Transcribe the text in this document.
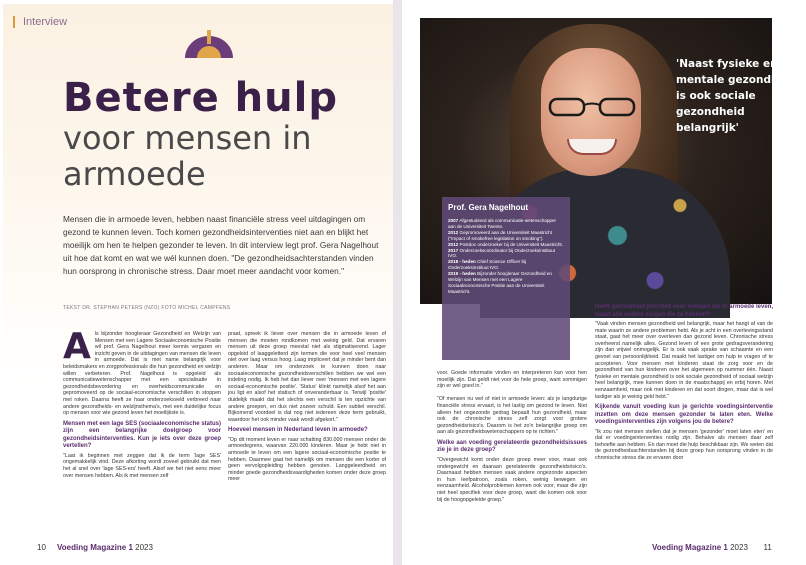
Interview
Betere hulp
voor mensen in armoede
Mensen die in armoede leven, hebben naast financiële stress veel uitdagingen om gezond te kunnen leven. Toch komen gezondheidsinterventies niet aan en blijkt het moeilijk om hen te helpen gezonder te leven. In dit interview legt prof. Gera Nagelhout uit hoe dat komt en wat we wél kunnen doen. "De gezondheidsachterstanden vinden hun oorsprong in chronische stress. Daar moet meer aandacht voor komen."
TEKST DR. STEPHAN PETERS (NZO) FOTO MICHEL CAMPFENS
A ls bijzonder hoogleraar Gezondheid en Welzijn van Mensen met een Lagere Sociaaleconomische Positie wil prof. Gera Nagelhout meer kennis vergaren en inzicht geven in de uitdagingen van mensen die leven in armoede. Dat is met name belangrijk voor beleidsmakers en zorgprofessionals die hun gezondheid en welzijn willen verbeteren. Prof. Nagelhout is opgeleid als communicatiewetenschapper met een specialisatie in gezondheidsbevordering en overheidscommunicatie en gepromoveerd op de sociaal-economische verschillen in stoppen met roken. Daarna heeft ze haar onderzoeksveld verbreed naar andere gezondheids- en welzijnsthema's, met een duidelijke focus op mensen voor wie gezond leven het moeilijkste is.
Mensen met een lage SES (sociaaleconomische status) zijn een belangrijke doelgroep voor gezondheidsinterventies. Kun je iets over deze groep vertellen?
"Laat ik beginnen met zeggen dat ik de term 'lage SES' ongemakkelijk vind. Deze afkorting wordt zoveel gebruikt dat men het al snel over 'lage SES-ers' heeft. Alsof we het niet eens meer over mensen hebben. Als ik met mensen zelf
praat, spreek ik liever over mensen die in armoede leven of mensen die moeten rondkomen met weinig geld. Dat ervaren mensen uit deze groep meestal niet als stigmatiserend. Lager opgeleid of laaggeletterd zijn termen die voor heel veel mensen niet over laag versus hoog. Laag impliceert dat je minder bent dan anderen. Maar om onderzoek te kunnen doen naar sociaaleconomische gezondheidsverschillen hebben we wel een indeling nodig. Ik heb het dan liever over 'mensen met een lagere sociaal-economische positie'. 'Status' klinkt namelijk alsof het aan jou ligt en alsof het statisch of onveranderbaar is. Terwijl 'positie' duidelijk maakt dat het slechts een verschil is ten opzichte van andere groepen, en dus niet zozeer schuld. Een subtiel verschil. Bijkomend voordeel is dat nog niet iedereen deze term gebruikt, waardoor het ook minder vaak wordt afgekort."
Hoeveel mensen in Nederland leven in armoede?
"Op dit moment leven er naar schatting 830.000 mensen onder de armoedegrens, waarvan 220.000 kinderen. Maar je hebt niet in armoede te leven om een lagere sociaal-economische positie te hebben. Daarmee gaat het namelijk om mensen die een korter of geen vervolgopleiding hebben genoten. Langgeleerdheid en minder goede gezondheidsvaardigheden komen onder deze groep meer
10 Voeding Magazine 1 2023
'Naast fysieke en mentale gezondheid is ook sociale gezondheid belangrijk'
Prof. Gera Nagelhout
2007 Afgestudeerd als communicatie-wetenschapper aan de Universiteit Twente.
2012 Gepromoveerd aan de Universiteit Maastricht ("Impact of smokefree legislation on smoking").
2012 Postdoc onderzoeker bij de Universiteit Maastricht.
2017 Onderzoekscoördinator bij Onderzoeksinstituut IVO.
2018 - heden Chief Science Officer bij Onderzoeksinstituut IVO.
2019 - heden Bijzonder hoogleraar Gezondheid en Welzijn van Mensen met een Lagere Sociaaleconomische Positie aan de Universiteit Maastricht.
voor. Goede informatie vinden en interpreteren kan voor hen moeilijk zijn. Dat geldt niet voor de hele groep, want sommigen zijn er wel goed in."

"Of mensen nu wel of niet in armoede leven: als je langdurige financiële stress ervaart, is het lastig om gezond te leven. Niet alleen het ongezonde gedrag bepaalt hun gezondheid, maar ook de chronische stress zelf zorgt voor grotere gezondheidsrisico's. Daarom is het zo'n belangrijke groep om aan als gezondheidswetenschappers op te richten."
Welke aan voeding gerelateerde gezondheidsissues zie je in deze groep?
"Overgewicht komt onder deze groep meer voor, maar ook ondergewicht en daaraan gerelateerde gezondheidsrisico's. Daarnaast hebben mensen vaak andere ongezonde aspecten in hun leefpatroon, zoals roken, weinig bewegen en eenzaamheid. Alcoholproblemen komen ook voor, maar die zijn niet heel specifiek voor deze groep, want die komen ook voor bij de hoogopgeleide groep."
Heeft gezondheid prioriteit voor mensen die in armoede leven, naast alle andere zorgen die ze hebben?
"Vaak vinden mensen gezondheid wel belangrijk, maar het hangt af van de mate waarin ze andere problemen hebt. Als je acht in een overlevingsstand staat, gaat het meer over overleven dan gezond leven. Chronische stress overheerst namelijk alles. Gezond leven of een grote gedragsverandering zijn dan vrijwel onmogelijk. Er is ook vaak sprake van schaamte en een gevoel van persoonlijkheid. Dat maakt het lastiger om hulp te vragen of te accepteren. Voor mensen met kinderen staat de zorg voor en de gezondheid van hun kinderen over het algemeen op nummer één. Naast fysieke en mentale gezondheid is ook sociale gezondheid of sociaal welzijn heel belangrijk, mee kunnen doen in de maatschappij en erbij horen. Met eenzaamheid, maar ook met kinderen en dat soort dingen, maar dat is wel lastiger als je weinig geld hebt."
Kijkende vanuit voeding kun je gerichte voedingsinterventie inzetten om deze mensen gezonder te laten eten. Welke voedingsinterventies zijn volgens jou de betere?
"Ik zou niet mensen stellen dat je mensen 'gezonder' moet laten eten' en dat er voedingsinterventies nodig zijn. Behalve als mensen daar zelf behoefte aan hebben. En dan moet die hulp beschikbaar zijn. We weten dat de gezondheidsachterstanden bij deze groep hun oorsprong vinden in de chronische stress die ze ervaren door
Voeding Magazine 1 2023 11
